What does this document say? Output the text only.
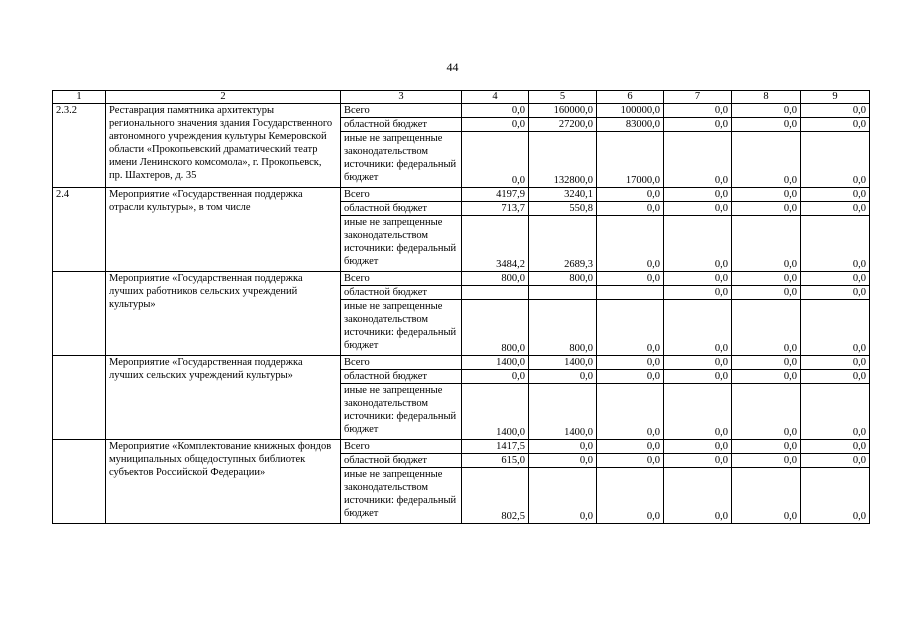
44
1	2	3	4	5	6	7	8	9
2.3.2	Реставрация памятника архитектуры регионального значения здания Государственного автономного учреждения культуры Кемеровской области «Прокопьевский драматический театр имени Ленинского комсомола», г. Прокопьевск, пр. Шахтеров, д. 35	Всего	0,0	160000,0	100000,0	0,0	0,0	0,0
		областной бюджет	0,0	27200,0	83000,0	0,0	0,0	0,0
		иные не запрещенные законодательством источники: федеральный бюджет	0,0	132800,0	17000,0	0,0	0,0	0,0
2.4	Мероприятие «Государственная поддержка отрасли культуры», в том числе	Всего	4197,9	3240,1	0,0	0,0	0,0	0,0
		областной бюджет	713,7	550,8	0,0	0,0	0,0	0,0
		иные не запрещенные законодательством источники: федеральный бюджет	3484,2	2689,3	0,0	0,0	0,0	0,0
	Мероприятие «Государственная поддержка лучших работников сельских учреждений культуры»	Всего	800,0	800,0	0,0	0,0	0,0	0,0
		областной бюджет				0,0	0,0	0,0
		иные не запрещенные законодательством источники: федеральный бюджет	800,0	800,0	0,0	0,0	0,0	0,0
	Мероприятие «Государственная поддержка лучших сельских учреждений культуры»	Всего	1400,0	1400,0	0,0	0,0	0,0	0,0
		областной бюджет	0,0	0,0	0,0	0,0	0,0	0,0
		иные не запрещенные законодательством источники: федеральный бюджет	1400,0	1400,0	0,0	0,0	0,0	0,0
	Мероприятие «Комплектование книжных фондов муниципальных общедоступных библиотек субъектов Российской Федерации»	Всего	1417,5	0,0	0,0	0,0	0,0	0,0
		областной бюджет	615,0	0,0	0,0	0,0	0,0	0,0
		иные не запрещенные законодательством источники: федеральный бюджет	802,5	0,0	0,0	0,0	0,0	0,0
